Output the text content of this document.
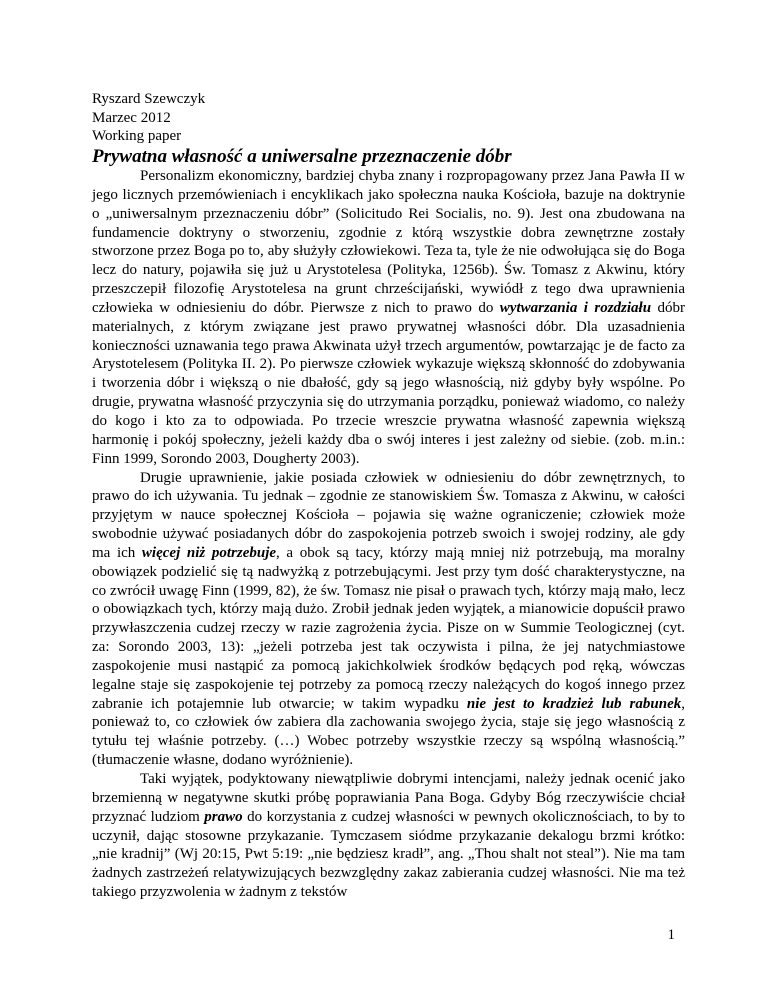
Ryszard Szewczyk
Marzec 2012
Working paper
Prywatna własność a uniwersalne przeznaczenie dóbr

Personalizm ekonomiczny, bardziej chyba znany i rozpropagowany przez Jana Pawła II w jego licznych przemówieniach i encyklikach jako społeczna nauka Kościoła, bazuje na doktrynie o „uniwersalnym przeznaczeniu dóbr” (Solicitudo Rei Socialis, no. 9). Jest ona zbudowana na fundamencie doktryny o stworzeniu, zgodnie z którą wszystkie dobra zewnętrzne zostały stworzone przez Boga po to, aby służyły człowiekowi. Teza ta, tyle że nie odwołująca się do Boga lecz do natury, pojawiła się już u Arystotelesa (Polityka, 1256b). Św. Tomasz z Akwinu, który przeszczepił filozofię Arystotelesa na grunt chrześcijański, wywiódł z tego dwa uprawnienia człowieka w odniesieniu do dóbr. Pierwsze z nich to prawo do wytwarzania i rozdziału dóbr materialnych, z którym związane jest prawo prywatnej własności dóbr. Dla uzasadnienia konieczności uznawania tego prawa Akwinata użył trzech argumentów, powtarzając je de facto za Arystotelesem (Polityka II. 2). Po pierwsze człowiek wykazuje większą skłonność do zdobywania i tworzenia dóbr i większą o nie dbałość, gdy są jego własnością, niż gdyby były wspólne. Po drugie, prywatna własność przyczynia się do utrzymania porządku, ponieważ wiadomo, co należy do kogo i kto za to odpowiada. Po trzecie wreszcie prywatna własność zapewnia większą harmonię i pokój społeczny, jeżeli każdy dba o swój interes i jest zależny od siebie. (zob. m.in.: Finn 1999, Sorondo 2003, Dougherty 2003).

Drugie uprawnienie, jakie posiada człowiek w odniesieniu do dóbr zewnętrznych, to prawo do ich używania. Tu jednak – zgodnie ze stanowiskiem Św. Tomasza z Akwinu, w całości przyjętym w nauce społecznej Kościoła – pojawia się ważne ograniczenie; człowiek może swobodnie używać posiadanych dóbr do zaspokojenia potrzeb swoich i swojej rodziny, ale gdy ma ich więcej niż potrzebuje, a obok są tacy, którzy mają mniej niż potrzebują, ma moralny obowiązek podzielić się tą nadwyżką z potrzebującymi. Jest przy tym dość charakterystyczne, na co zwrócił uwagę Finn (1999, 82), że św. Tomasz nie pisał o prawach tych, którzy mają mało, lecz o obowiązkach tych, którzy mają dużo. Zrobił jednak jeden wyjątek, a mianowicie dopuścił prawo przywłaszczenia cudzej rzeczy w razie zagrożenia życia. Pisze on w Summie Teologicznej (cyt. za: Sorondo 2003, 13): „jeżeli potrzeba jest tak oczywista i pilna, że jej natychmiastowe zaspokojenie musi nastąpić za pomocą jakichkolwiek środków będących pod ręką, wówczas legalne staje się zaspokojenie tej potrzeby za pomocą rzeczy należących do kogoś innego przez zabranie ich potajemnie lub otwarcie; w takim wypadku nie jest to kradzież lub rabunek, ponieważ to, co człowiek ów zabiera dla zachowania swojego życia, staje się jego własnością z tytułu tej właśnie potrzeby. (…) Wobec potrzeby wszystkie rzeczy są wspólną własnością.” (tłumaczenie własne, dodano wyróżnienie).

Taki wyjątek, podyktowany niewątpliwie dobrymi intencjami, należy jednak ocenić jako brzemienną w negatywne skutki próbę poprawiania Pana Boga. Gdyby Bóg rzeczywiście chciał przyznać ludziom prawo do korzystania z cudzej własności w pewnych okolicznościach, to by to uczynił, dając stosowne przykazanie. Tymczasem siódme przykazanie dekalogu brzmi krótko: „nie kradnij” (Wj 20:15, Pwt 5:19: „nie będziesz kradł”, ang. „Thou shalt not steal”). Nie ma tam żadnych zastrzeżeń relatywizujących bezwzględny zakaz zabierania cudzej własności. Nie ma też takiego przyzwolenia w żadnym z tekstów

1
